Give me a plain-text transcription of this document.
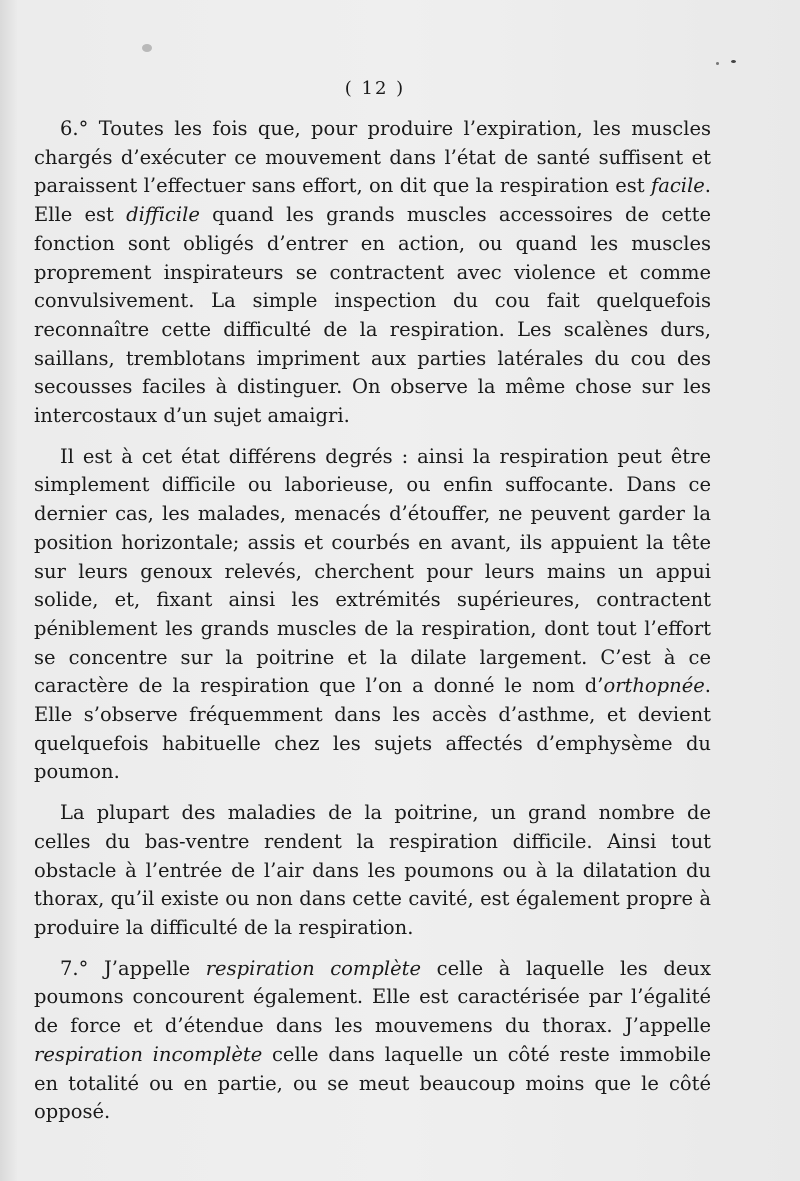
( 12 )

6.° Toutes les fois que, pour produire l’expiration, les muscles chargés d’exécuter ce mouvement dans l’état de santé suffisent et paraissent l’effectuer sans effort, on dit que la respiration est facile. Elle est difficile quand les grands muscles accessoires de cette fonction sont obligés d’entrer en action, ou quand les muscles proprement inspirateurs se contractent avec violence et comme convulsivement. La simple inspection du cou fait quelquefois reconnaître cette difficulté de la respiration. Les scalènes durs, saillans, tremblotans impriment aux parties latérales du cou des secousses faciles à distinguer. On observe la même chose sur les intercostaux d’un sujet amaigri.

Il est à cet état différens degrés : ainsi la respiration peut être simplement difficile ou laborieuse, ou enfin suffocante. Dans ce dernier cas, les malades, menacés d’étouffer, ne peuvent garder la position horizontale; assis et courbés en avant, ils appuient la tête sur leurs genoux relevés, cherchent pour leurs mains un appui solide, et, fixant ainsi les extrémités supérieures, contractent péniblement les grands muscles de la respiration, dont tout l’effort se concentre sur la poitrine et la dilate largement. C’est à ce caractère de la respiration que l’on a donné le nom d’orthopnée. Elle s’observe fréquemment dans les accès d’asthme, et devient quelquefois habituelle chez les sujets affectés d’emphysème du poumon.

La plupart des maladies de la poitrine, un grand nombre de celles du bas-ventre rendent la respiration difficile. Ainsi tout obstacle à l’entrée de l’air dans les poumons ou à la dilatation du thorax, qu’il existe ou non dans cette cavité, est également propre à produire la difficulté de la respiration.

7.° J’appelle respiration complète celle à laquelle les deux poumons concourent également. Elle est caractérisée par l’égalité de force et d’étendue dans les mouvemens du thorax. J’appelle respiration incomplète celle dans laquelle un côté reste immobile en totalité ou en partie, ou se meut beaucoup moins que le côté opposé.
